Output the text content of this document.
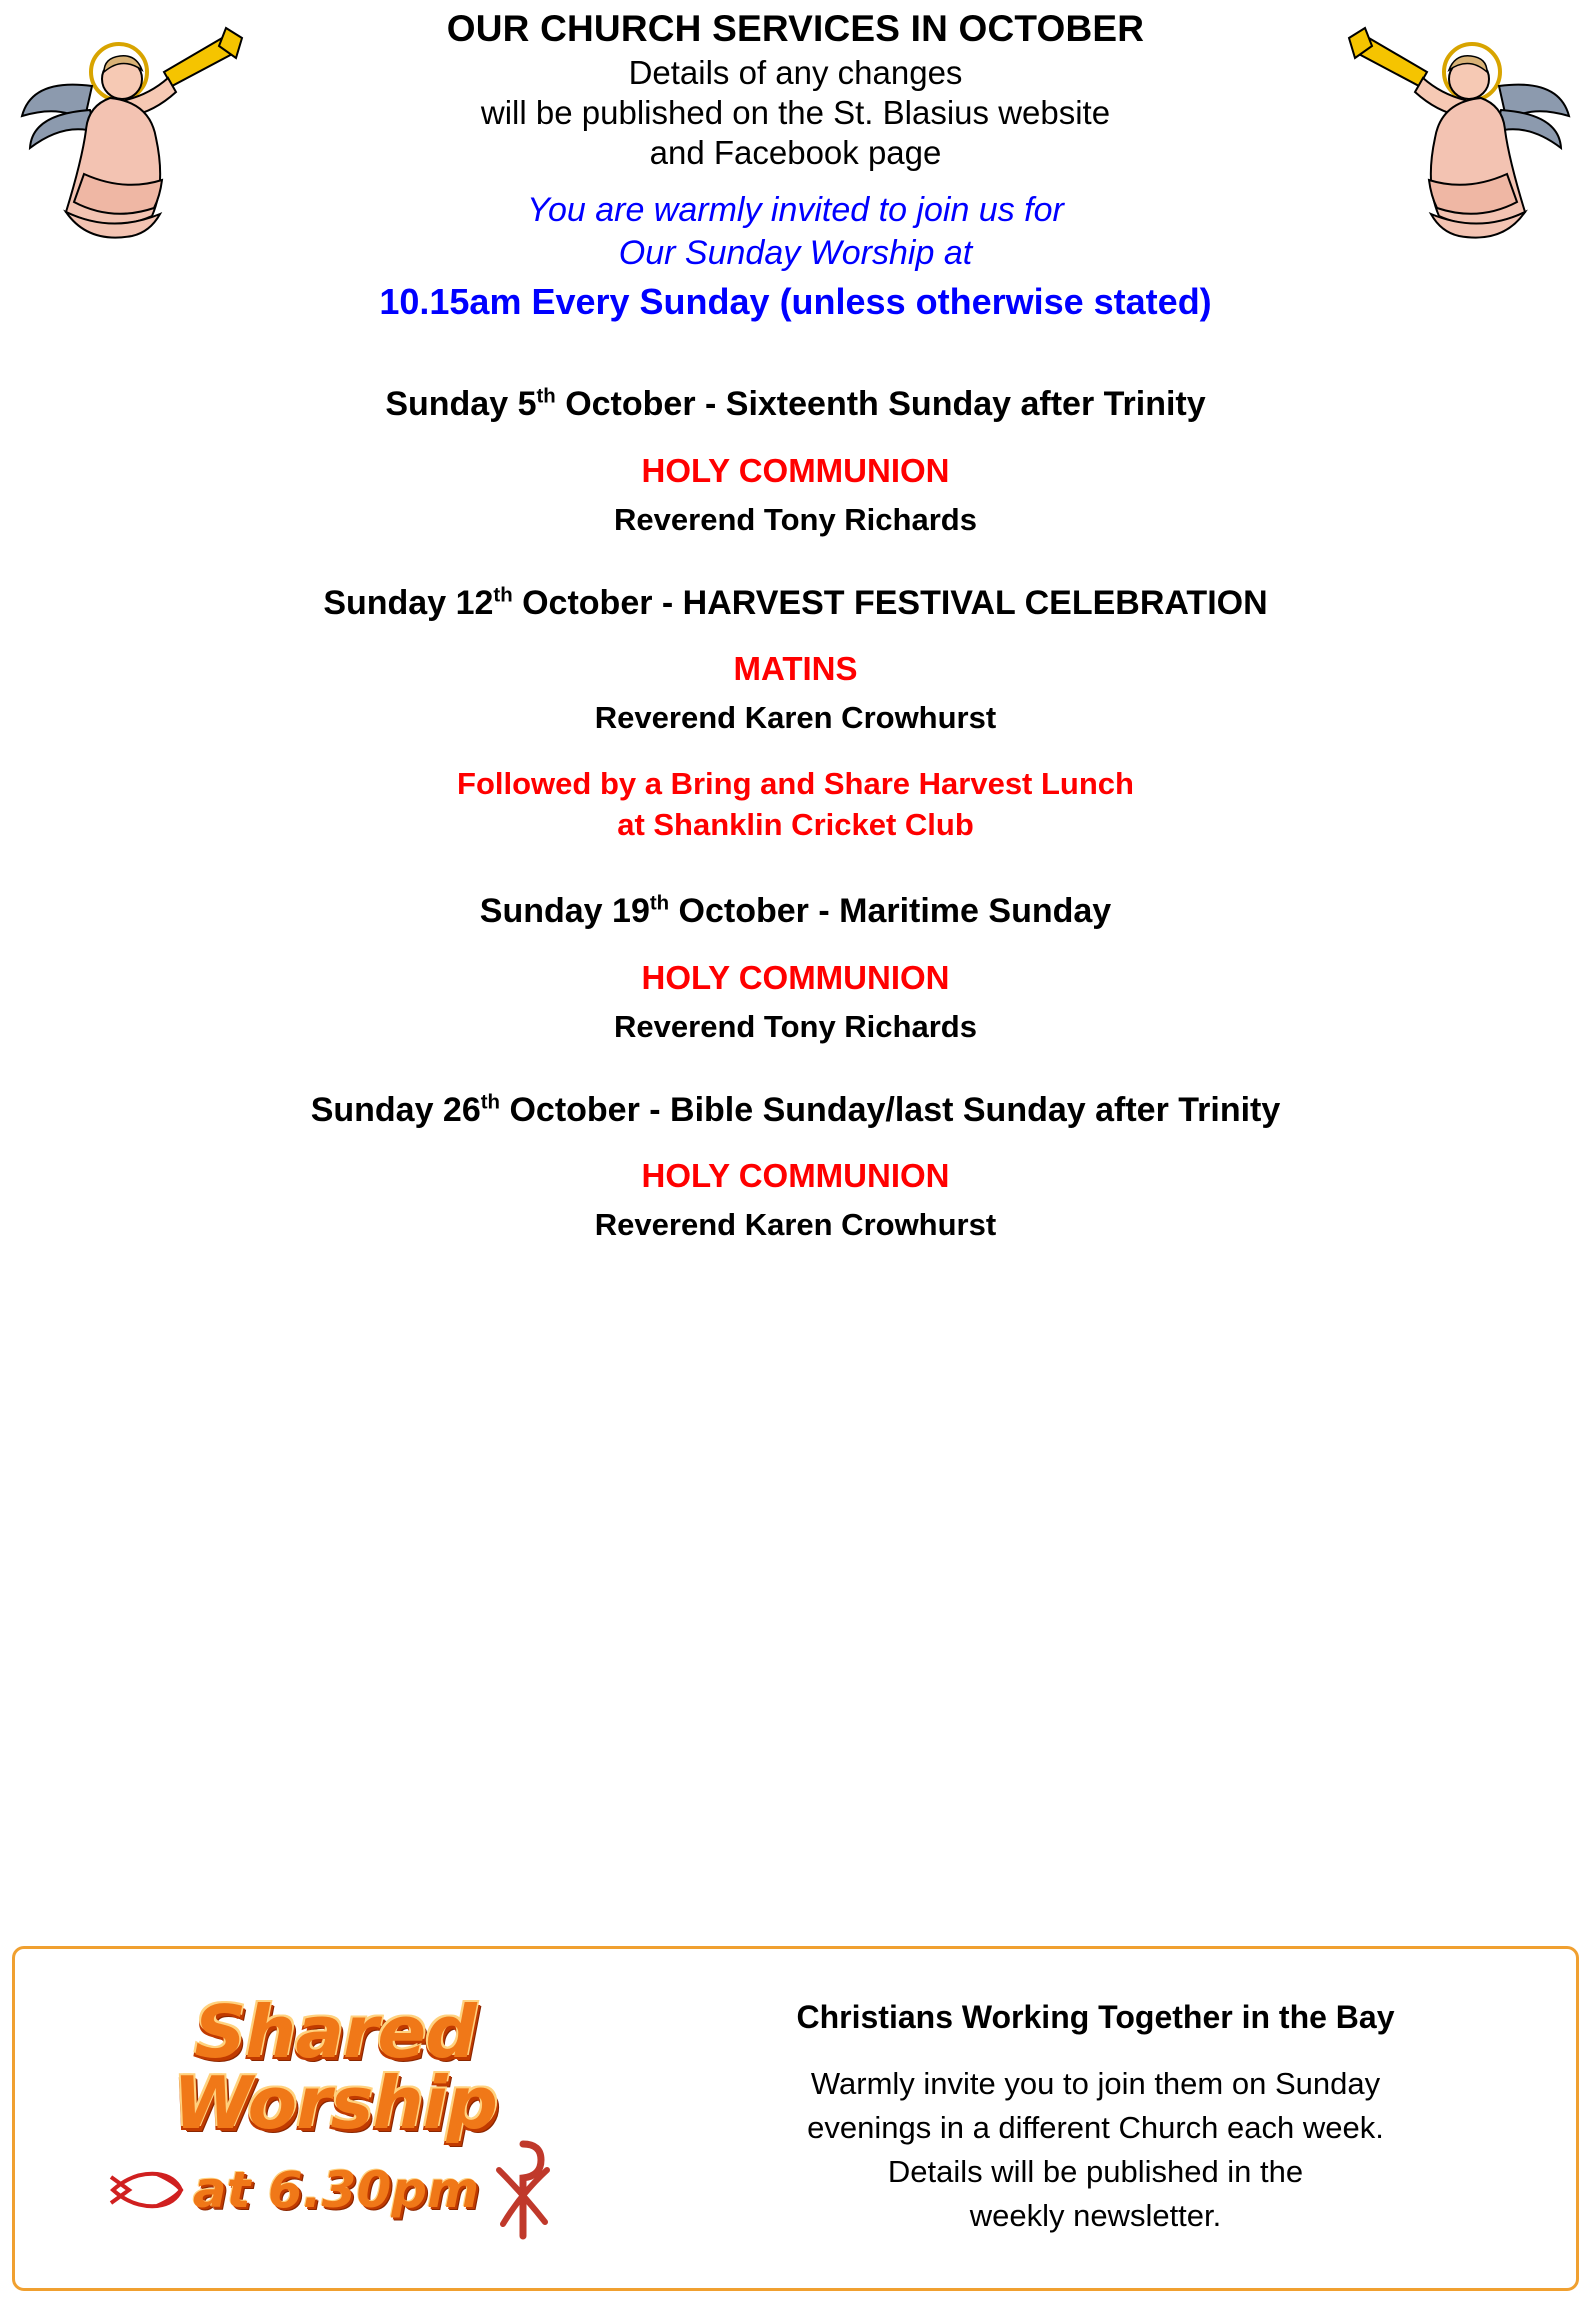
OUR CHURCH SERVICES IN OCTOBER
Details of any changes
will be published on the St. Blasius website
and Facebook page
You are warmly invited to join us for
Our Sunday Worship at
10.15am Every Sunday (unless otherwise stated)
Sunday 5th October - Sixteenth Sunday after Trinity
HOLY COMMUNION
Reverend Tony Richards
Sunday 12th October - HARVEST FESTIVAL CELEBRATION
MATINS
Reverend Karen Crowhurst
Followed by a Bring and Share Harvest Lunch
at Shanklin Cricket Club
Sunday 19th October - Maritime Sunday
HOLY COMMUNION
Reverend Tony Richards
Sunday 26th October - Bible Sunday/last Sunday after Trinity
HOLY COMMUNION
Reverend Karen Crowhurst
Shared
Worship
at 6.30pm
Christians Working Together in the Bay
Warmly invite you to join them on Sunday
evenings in a different Church each week.
Details will be published in the
weekly newsletter.
